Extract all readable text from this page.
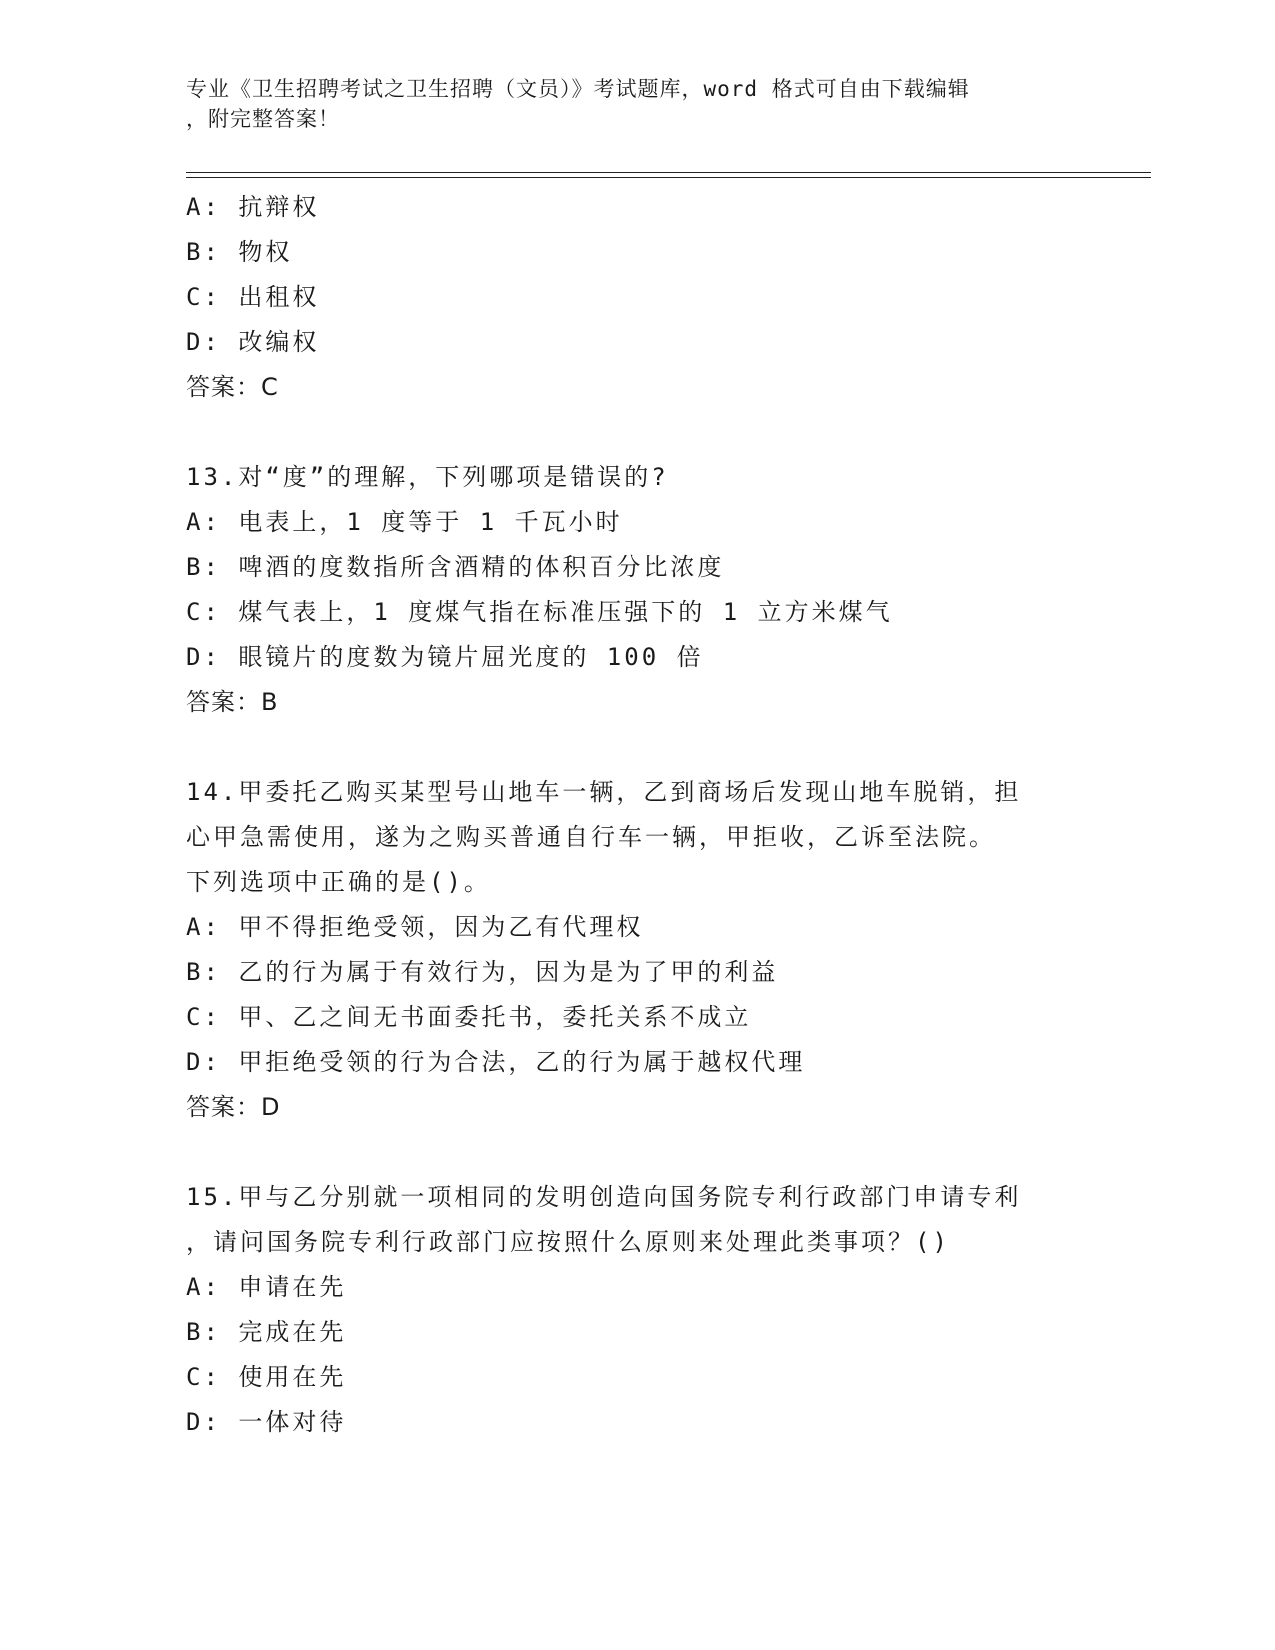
专业《卫生招聘考试之卫生招聘（文员）》考试题库，word 格式可自由下载编辑
，附完整答案！
A: 抗辩权
B: 物权
C: 出租权
D: 改编权
答案：C
13.对“度”的理解，下列哪项是错误的?
A: 电表上，1 度等于 1 千瓦小时
B: 啤酒的度数指所含酒精的体积百分比浓度
C: 煤气表上，1 度煤气指在标准压强下的 1 立方米煤气
D: 眼镜片的度数为镜片屈光度的 100 倍
答案：B
14.甲委托乙购买某型号山地车一辆，乙到商场后发现山地车脱销，担
心甲急需使用，遂为之购买普通自行车一辆，甲拒收，乙诉至法院。
下列选项中正确的是()。
A: 甲不得拒绝受领，因为乙有代理权
B: 乙的行为属于有效行为，因为是为了甲的利益
C: 甲、乙之间无书面委托书，委托关系不成立
D: 甲拒绝受领的行为合法，乙的行为属于越权代理
答案：D
15.甲与乙分别就一项相同的发明创造向国务院专利行政部门申请专利
，请问国务院专利行政部门应按照什么原则来处理此类事项？()
A: 申请在先
B: 完成在先
C: 使用在先
D: 一体对待
